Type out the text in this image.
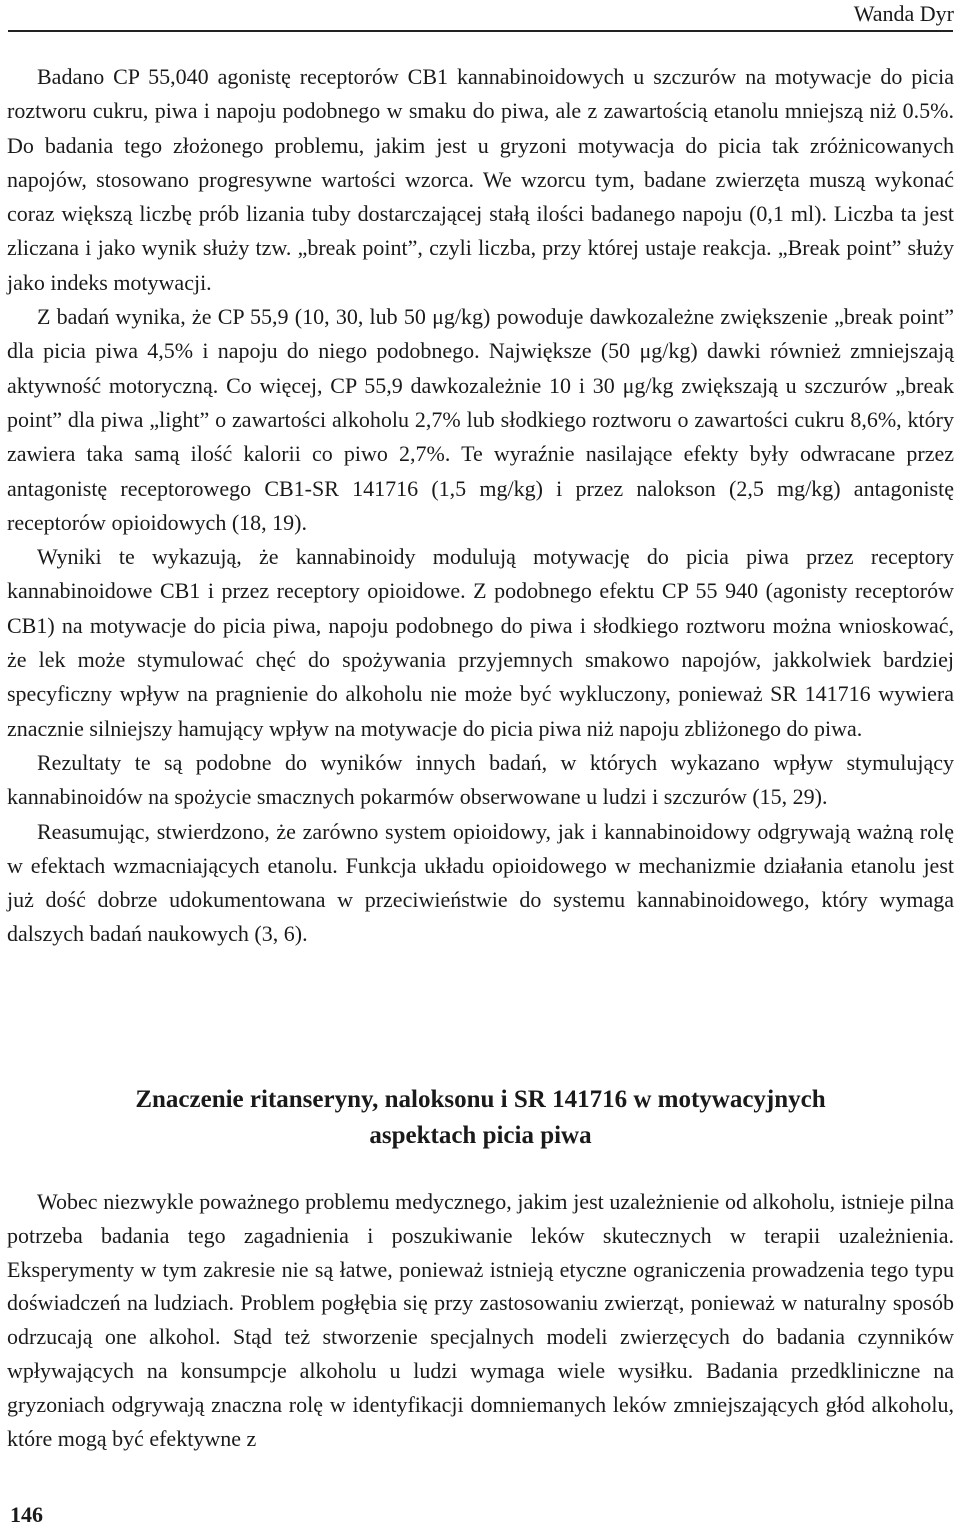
Wanda Dyr

Badano CP 55,040 agonistę receptorów CB1 kannabinoidowych u szczurów na motywacje do picia roztworu cukru, piwa i napoju podobnego w smaku do piwa, ale z zawartością etanolu mniejszą niż 0.5%. Do badania tego złożonego problemu, jakim jest u gryzoni motywacja do picia tak zróżnicowanych napojów, stosowano progresywne wartości wzorca. We wzorcu tym, badane zwierzęta muszą wykonać coraz większą liczbę prób lizania tuby dostarczającej stałą ilości badanego napoju (0,1 ml). Liczba ta jest zliczana i jako wynik służy tzw. „break point”, czyli liczba, przy której ustaje reakcja. „Break point” służy jako indeks motywacji.

Z badań wynika, że CP 55,9 (10, 30, lub 50 μg/kg) powoduje dawkozależne zwiększenie „break point” dla picia piwa 4,5% i napoju do niego podobnego. Największe (50 μg/kg) dawki również zmniejszają aktywność motoryczną. Co więcej, CP 55,9 dawkozależnie 10 i 30 μg/kg zwiększają u szczurów „break point” dla piwa „light” o zawartości alkoholu 2,7% lub słodkiego roztworu o zawartości cukru 8,6%, który zawiera taka samą ilość kalorii co piwo 2,7%. Te wyraźnie nasilające efekty były odwracane przez antagonistę receptorowego CB1-SR 141716 (1,5 mg/kg) i przez nalokson (2,5 mg/kg) antagonistę receptorów opioidowych (18, 19).

Wyniki te wykazują, że kannabinoidy modulują motywację do picia piwa przez receptory kannabinoidowe CB1 i przez receptory opioidowe. Z podobnego efektu CP 55 940 (agonisty receptorów CB1) na motywacje do picia piwa, napoju podobnego do piwa i słodkiego roztworu można wnioskować, że lek może stymulować chęć do spożywania przyjemnych smakowo napojów, jakkolwiek bardziej specyficzny wpływ na pragnienie do alkoholu nie może być wykluczony, ponieważ SR 141716 wywiera znacznie silniejszy hamujący wpływ na motywacje do picia piwa niż napoju zbliżonego do piwa.

Rezultaty te są podobne do wyników innych badań, w których wykazano wpływ stymulujący kannabinoidów na spożycie smacznych pokarmów obserwowane u ludzi i szczurów (15, 29).

Reasumując, stwierdzono, że zarówno system opioidowy, jak i kannabinoidowy odgrywają ważną rolę w efektach wzmacniających etanolu. Funkcja układu opioidowego w mechanizmie działania etanolu jest już dość dobrze udokumentowana w przeciwieństwie do systemu kannabinoidowego, który wymaga dalszych badań naukowych (3, 6).

Znaczenie ritanseryny, naloksonu i SR 141716 w motywacyjnych
aspektach picia piwa

Wobec niezwykle poważnego problemu medycznego, jakim jest uzależnienie od alkoholu, istnieje pilna potrzeba badania tego zagadnienia i poszukiwanie leków skutecznych w terapii uzależnienia. Eksperymenty w tym zakresie nie są łatwe, ponieważ istnieją etyczne ograniczenia prowadzenia tego typu doświadczeń na ludziach. Problem pogłębia się przy zastosowaniu zwierząt, ponieważ w naturalny sposób odrzucają one alkohol. Stąd też stworzenie specjalnych modeli zwierzęcych do badania czynników wpływających na konsumpcje alkoholu u ludzi wymaga wiele wysiłku. Badania przedkliniczne na gryzoniach odgrywają znaczna rolę w identyfikacji domniemanych leków zmniejszających głód alkoholu, które mogą być efektywne z

146
